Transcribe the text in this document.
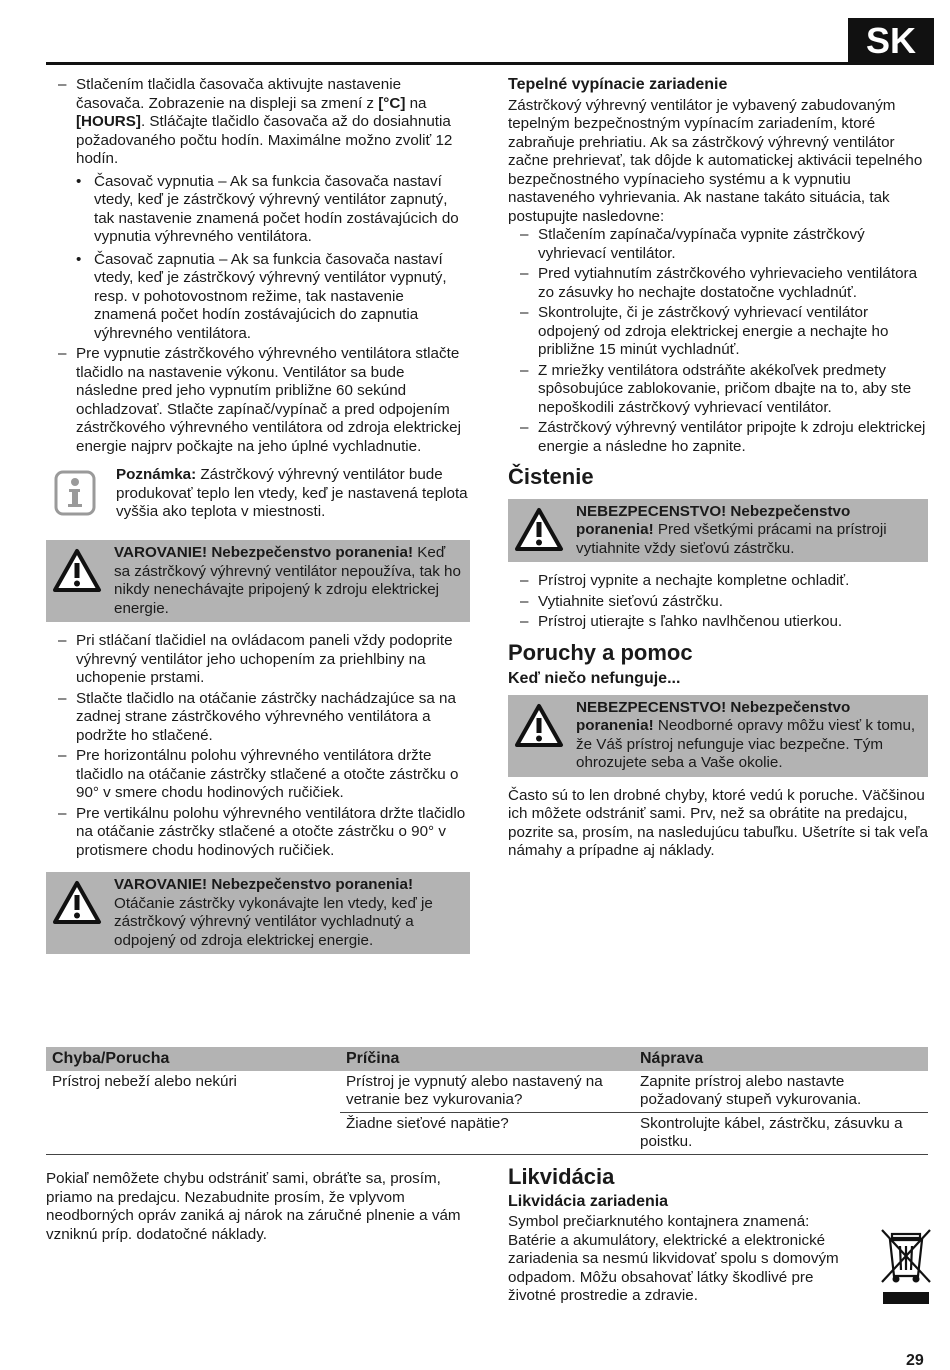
SK
– Stlačením tlačidla časovača aktivujte nastavenie časovača. Zobrazenie na displeji sa zmení z [°C] na [HOURS]. Stláčajte tlačidlo časovača až do dosiahnutia požadovaného počtu hodín. Maximálne možno zvoliť 12 hodín.
• Časovač vypnutia – Ak sa funkcia časovača nastaví vtedy, keď je zástrčkový výhrevný ventilátor zapnutý, tak nastavenie znamená počet hodín zostávajúcich do vypnutia výhrevného ventilátora.
• Časovač zapnutia – Ak sa funkcia časovača nastaví vtedy, keď je zástrčkový výhrevný ventilátor vypnutý, resp. v pohotovostnom režime, tak nastavenie znamená počet hodín zostávajúcich do zapnutia výhrevného ventilátora.
– Pre vypnutie zástrčkového výhrevného ventilátora stlačte tlačidlo na nastavenie výkonu. Ventilátor sa bude následne pred jeho vypnutím približne 60 sekúnd ochladzovať. Stlačte zapínač/vypínač a pred odpojením zástrčkového výhrevného ventilátora od zdroja elektrickej energie najprv počkajte na jeho úplné vychladnutie.
Poznámka: Zástrčkový výhrevný ventilátor bude produkovať teplo len vtedy, keď je nastavená teplota vyššia ako teplota v miestnosti.
VAROVANIE! Nebezpečenstvo poranenia! Keď sa zástrčkový výhrevný ventilátor nepoužíva, tak ho nikdy nenechávajte pripojený k zdroju elektrickej energie.
– Pri stláčaní tlačidiel na ovládacom paneli vždy podoprite výhrevný ventilátor jeho uchopením za priehlbiny na uchopenie prstami.
– Stlačte tlačidlo na otáčanie zástrčky nachádzajúce sa na zadnej strane zástrčkového výhrevného ventilátora a podržte ho stlačené.
– Pre horizontálnu polohu výhrevného ventilátora držte tlačidlo na otáčanie zástrčky stlačené a otočte zástrčku o 90° v smere chodu hodinových ručičiek.
– Pre vertikálnu polohu výhrevného ventilátora držte tlačidlo na otáčanie zástrčky stlačené a otočte zástrčku o 90° v protismere chodu hodinových ručičiek.
VAROVANIE! Nebezpečenstvo poranenia! Otáčanie zástrčky vykonávajte len vtedy, keď je zástrčkový výhrevný ventilátor vychladnutý a odpojený od zdroja elektrickej energie.
Tepelné vypínacie zariadenie

Zástrčkový výhrevný ventilátor je vybavený zabudovaným tepelným bezpečnostným vypínacím zariadením, ktoré zabraňuje prehriatiu. Ak sa zástrčkový výhrevný ventilátor začne prehrievať, tak dôjde k automatickej aktivácii tepelného bezpečnostného vypínacieho systému a k vypnutiu nastaveného vyhrievania. Ak nastane takáto situácia, tak postupujte nasledovne:

– Stlačením zapínača/vypínača vypnite zástrčkový vyhrievací ventilátor.
– Pred vytiahnutím zástrčkového vyhrievacieho ventilátora zo zásuvky ho nechajte dostatočne vychladnúť.
– Skontrolujte, či je zástrčkový vyhrievací ventilátor odpojený od zdroja elektrickej energie a nechajte ho približne 15 minút vychladnúť.
– Z mriežky ventilátora odstráňte akékoľvek predmety spôsobujúce zablokovanie, pričom dbajte na to, aby ste nepoškodili zástrčkový vyhrievací ventilátor.
– Zástrčkový výhrevný ventilátor pripojte k zdroju elektrickej energie a následne ho zapnite.
Čistenie
NEBEZPECENSTVO! Nebezpečenstvo poranenia! Pred všetkými prácami na prístroji vytiahnite vždy sieťovú zástrčku.
– Prístroj vypnite a nechajte kompletne ochladiť.
– Vytiahnite sieťovú zástrčku.
– Prístroj utierajte s ľahko navlhčenou utierkou.
Poruchy a pomoc
Keď niečo nefunguje...
NEBEZPECENSTVO! Nebezpečenstvo poranenia! Neodborné opravy môžu viesť k tomu, že Váš prístroj nefunguje viac bezpečne. Tým ohrozujete seba a Vaše okolie.

Často sú to len drobné chyby, ktoré vedú k poruche. Väčšinou ich môžete odstrániť sami. Prv, než sa obrátite na predajcu, pozrite sa, prosím, na nasledujúcu tabuľku. Ušetríte si tak veľa námahy a prípadne aj náklady.

Chyba/Porucha	Príčina	Náprava
Prístroj nebeží alebo nekúri	Prístroj je vypnutý alebo nastavený na vetranie bez vykurovania?	Zapnite prístroj alebo nastavte požadovaný stupeň vykurovania.
	Žiadne sieťové napätie?	Skontrolujte kábel, zástrčku, zásuvku a poistku.
Pokiaľ nemôžete chybu odstrániť sami, obráťte sa, prosím, priamo na predajcu. Nezabudnite prosím, že vplyvom neodborných opráv zaniká aj nárok na záručné plnenie a vám vzniknú príp. dodatočné náklady.
Likvidácia
Likvidácia zariadenia

Symbol prečiarknutého kontajnera znamená: Batérie a akumulátory, elektrické a elektronické zariadenia sa nesmú likvidovať spolu s domovým odpadom. Môžu obsahovať látky škodlivé pre životné prostredie a zdravie.

29
